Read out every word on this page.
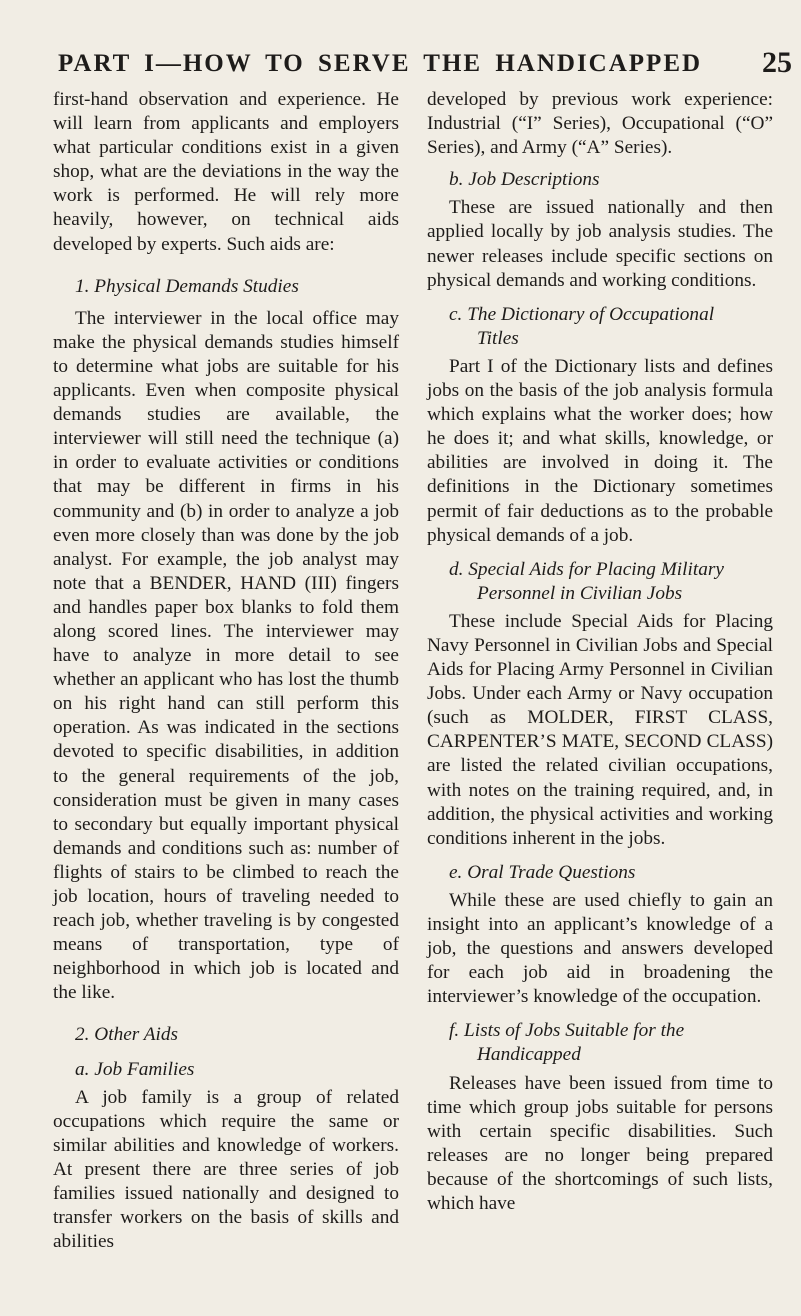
PART I—HOW TO SERVE THE HANDICAPPED 25

first-hand observation and experience. He will learn from applicants and employers what particular conditions exist in a given shop, what are the deviations in the way the work is performed. He will rely more heavily, however, on technical aids developed by experts. Such aids are:

1. Physical Demands Studies

The interviewer in the local office may make the physical demands studies himself to determine what jobs are suitable for his applicants. Even when composite physical demands studies are available, the interviewer will still need the technique (a) in order to evaluate activities or conditions that may be different in firms in his community and (b) in order to analyze a job even more closely than was done by the job analyst. For example, the job analyst may note that a BENDER, HAND (III) fingers and handles paper box blanks to fold them along scored lines. The interviewer may have to analyze in more detail to see whether an applicant who has lost the thumb on his right hand can still perform this operation. As was indicated in the sections devoted to specific disabilities, in addition to the general requirements of the job, consideration must be given in many cases to secondary but equally important physical demands and conditions such as: number of flights of stairs to be climbed to reach the job location, hours of traveling needed to reach job, whether traveling is by congested means of transportation, type of neighborhood in which job is located and the like.

2. Other Aids

a. Job Families

A job family is a group of related occupations which require the same or similar abilities and knowledge of workers. At present there are three series of job families issued nationally and designed to transfer workers on the basis of skills and abilities

developed by previous work experience: Industrial (“I” Series), Occupational (“O” Series), and Army (“A” Series).

b. Job Descriptions

These are issued nationally and then applied locally by job analysis studies. The newer releases include specific sections on physical demands and working conditions.

c. The Dictionary of Occupational
Titles

Part I of the Dictionary lists and defines jobs on the basis of the job analysis formula which explains what the worker does; how he does it; and what skills, knowledge, or abilities are involved in doing it. The definitions in the Dictionary sometimes permit of fair deductions as to the probable physical demands of a job.

d. Special Aids for Placing Military
Personnel in Civilian Jobs

These include Special Aids for Placing Navy Personnel in Civilian Jobs and Special Aids for Placing Army Personnel in Civilian Jobs. Under each Army or Navy occupation (such as MOLDER, FIRST CLASS, CARPENTER’S MATE, SECOND CLASS) are listed the related civilian occupations, with notes on the training required, and, in addition, the physical activities and working conditions inherent in the jobs.

e. Oral Trade Questions

While these are used chiefly to gain an insight into an applicant’s knowledge of a job, the questions and answers developed for each job aid in broadening the interviewer’s knowledge of the occupation.

f. Lists of Jobs Suitable for the
Handicapped

Releases have been issued from time to time which group jobs suitable for persons with certain specific disabilities. Such releases are no longer being prepared because of the shortcomings of such lists, which have
